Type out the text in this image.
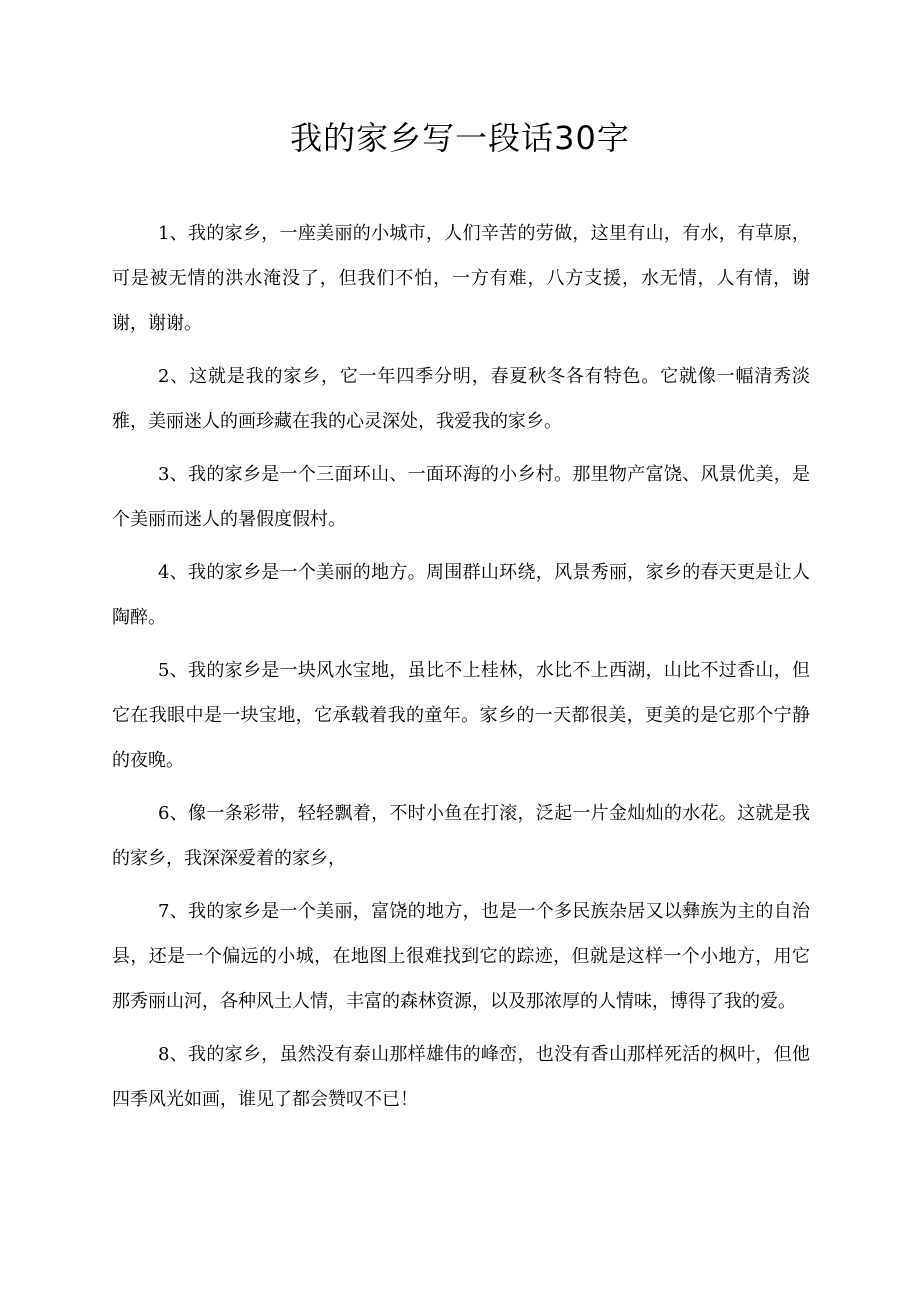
我的家乡写一段话30字

1、我的家乡，一座美丽的小城市，人们辛苦的劳做，这里有山，有水，有草原，可是被无情的洪水淹没了，但我们不怕，一方有难，八方支援，水无情，人有情，谢谢，谢谢。

2、这就是我的家乡，它一年四季分明，春夏秋冬各有特色。它就像一幅清秀淡雅，美丽迷人的画珍藏在我的心灵深处，我爱我的家乡。

3、我的家乡是一个三面环山、一面环海的小乡村。那里物产富饶、风景优美，是个美丽而迷人的暑假度假村。

4、我的家乡是一个美丽的地方。周围群山环绕，风景秀丽，家乡的春天更是让人陶醉。

5、我的家乡是一块风水宝地，虽比不上桂林，水比不上西湖，山比不过香山，但它在我眼中是一块宝地，它承载着我的童年。家乡的一天都很美，更美的是它那个宁静的夜晚。

6、像一条彩带，轻轻飘着，不时小鱼在打滚，泛起一片金灿灿的水花。这就是我的家乡，我深深爱着的家乡，

7、我的家乡是一个美丽，富饶的地方，也是一个多民族杂居又以彝族为主的自治县，还是一个偏远的小城，在地图上很难找到它的踪迹，但就是这样一个小地方，用它那秀丽山河，各种风土人情，丰富的森林资源，以及那浓厚的人情味，博得了我的爱。

8、我的家乡，虽然没有泰山那样雄伟的峰峦，也没有香山那样死活的枫叶，但他四季风光如画，谁见了都会赞叹不已！
